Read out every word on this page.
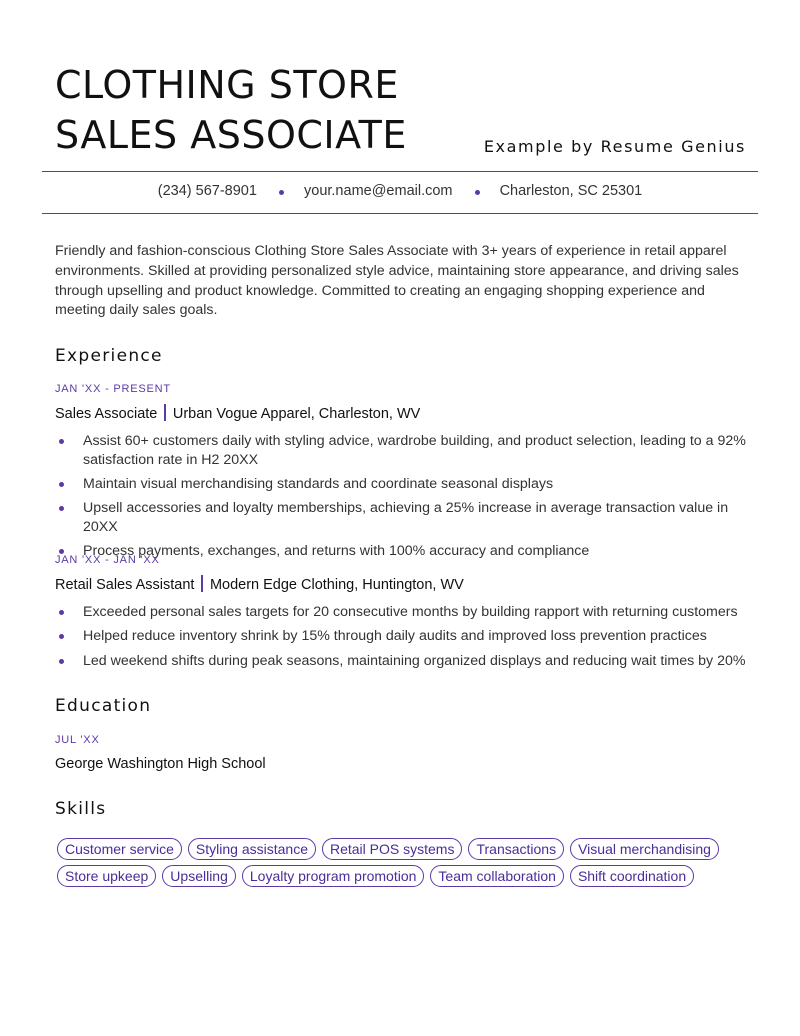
CLOTHING STORE
SALES ASSOCIATE	Example by Resume Genius
(234) 567-8901	your.name@email.com	Charleston, SC 25301

Friendly and fashion-conscious Clothing Store Sales Associate with 3+ years of experience in retail apparel environments. Skilled at providing personalized style advice, maintaining store appearance, and driving sales through upselling and product knowledge. Committed to creating an engaging shopping experience and meeting daily sales goals.

Experience
JAN 'XX - PRESENT
Sales Associate Urban Vogue Apparel, Charleston, WV
Assist 60+ customers daily with styling advice, wardrobe building, and product selection, leading to a 92% satisfaction rate in H2 20XX
Maintain visual merchandising standards and coordinate seasonal displays
Upsell accessories and loyalty memberships, achieving a 25% increase in average transaction value in 20XX
Process payments, exchanges, and returns with 100% accuracy and compliance
JAN 'XX - JAN 'XX
Retail Sales Assistant Modern Edge Clothing, Huntington, WV
Exceeded personal sales targets for 20 consecutive months by building rapport with returning customers
Helped reduce inventory shrink by 15% through daily audits and improved loss prevention practices
Led weekend shifts during peak seasons, maintaining organized displays and reducing wait times by 20%
Education
JUL 'XX
George Washington High School
Skills
Customer service	Styling assistance	Retail POS systems	Transactions	Visual merchandising
Store upkeep	Upselling	Loyalty program promotion	Team collaboration	Shift coordination
